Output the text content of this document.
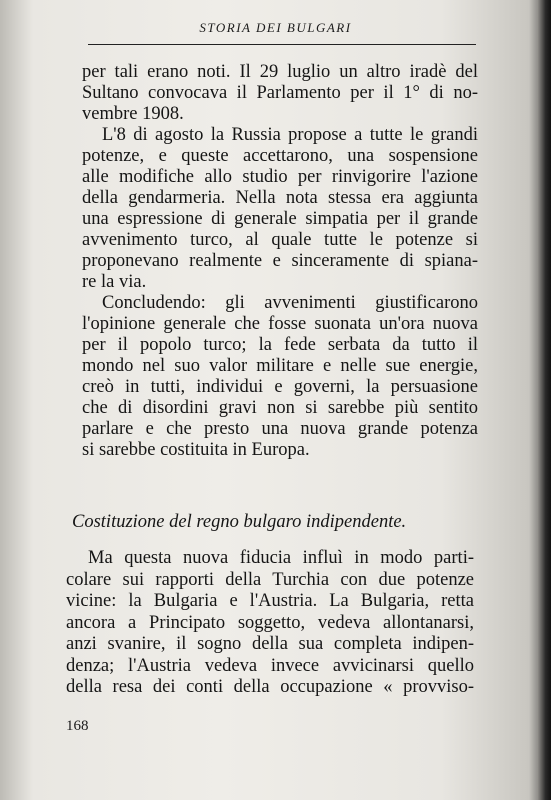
STORIA DEI BULGARI
per tali erano noti. Il 29 luglio un altro iradè del
Sultano convocava il Parlamento per il 1° di no-
vembre 1908.
L'8 di agosto la Russia propose a tutte le grandi
potenze, e queste accettarono, una sospensione
alle modifiche allo studio per rinvigorire l'azione
della gendarmeria. Nella nota stessa era aggiunta
una espressione di generale simpatia per il grande
avvenimento turco, al quale tutte le potenze si
proponevano realmente e sinceramente di spiana-
re la via.
Concludendo: gli avvenimenti giustificarono
l'opinione generale che fosse suonata un'ora nuova
per il popolo turco; la fede serbata da tutto il
mondo nel suo valor militare e nelle sue energie,
creò in tutti, individui e governi, la persuasione
che di disordini gravi non si sarebbe più sentito
parlare e che presto una nuova grande potenza
si sarebbe costituita in Europa.
Costituzione del regno bulgaro indipendente.
Ma questa nuova fiducia influì in modo parti-
colare sui rapporti della Turchia con due potenze
vicine: la Bulgaria e l'Austria. La Bulgaria, retta
ancora a Principato soggetto, vedeva allontanarsi,
anzi svanire, il sogno della sua completa indipen-
denza; l'Austria vedeva invece avvicinarsi quello
della resa dei conti della occupazione « provviso-
168
